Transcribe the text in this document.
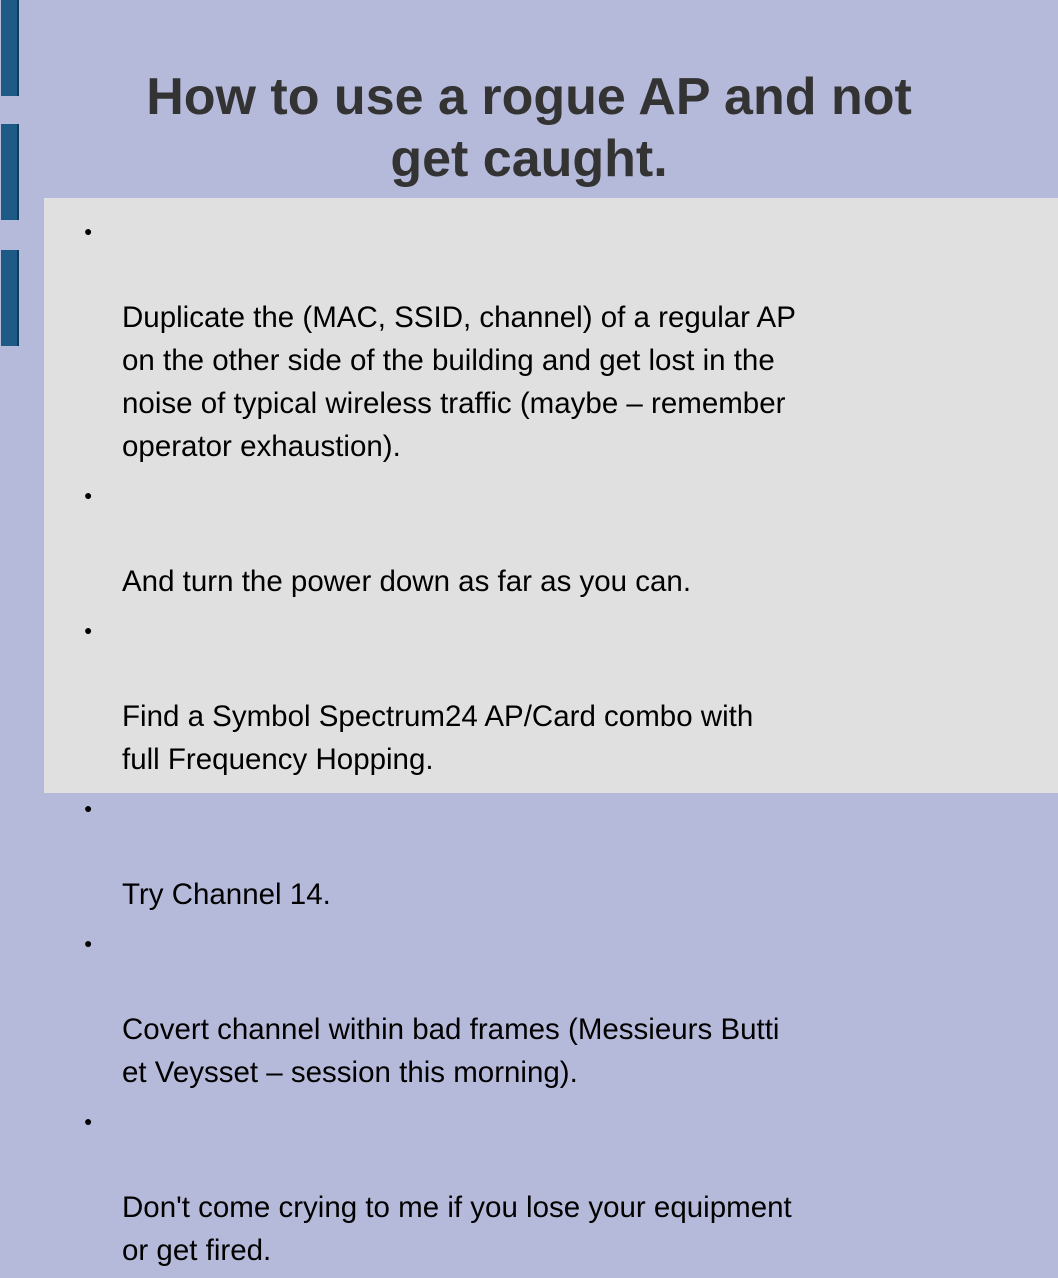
How to use a rogue AP and not
get caught.

●

Duplicate the (MAC, SSID, channel) of a regular AP
on the other side of the building and get lost in the
noise of typical wireless traffic (maybe – remember
operator exhaustion).

●

And turn the power down as far as you can.

●

Find a Symbol Spectrum24 AP/Card combo with
full Frequency Hopping.

●

Try Channel 14.

●

Covert channel within bad frames (Messieurs Butti
et Veysset – session this morning).

●

Don't come crying to me if you lose your equipment
or get fired.
